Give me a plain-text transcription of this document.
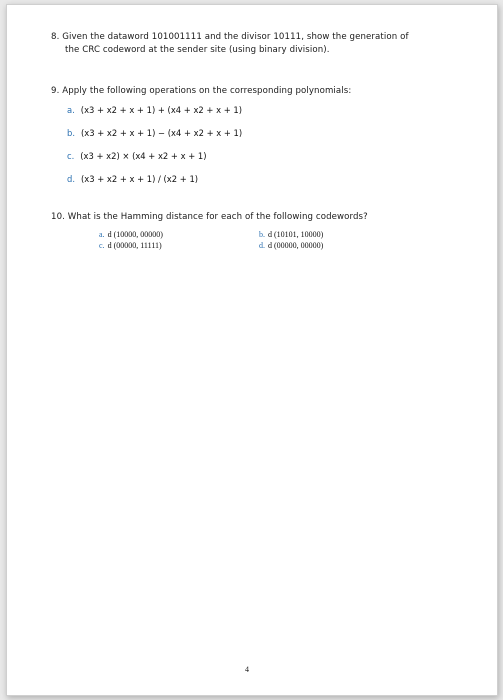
8. Given the dataword 101001111 and the divisor 10111, show the generation of

the CRC codeword at the sender site (using binary division).

9. Apply the following operations on the corresponding polynomials:

a. (x3 + x2 + x + 1) + (x4 + x2 + x + 1)
b. (x3 + x2 + x + 1) − (x4 + x2 + x + 1)
c. (x3 + x2) × (x4 + x2 + x + 1)
d. (x3 + x2 + x + 1) / (x2 + 1)

10. What is the Hamming distance for each of the following codewords?

a. d (10000, 00000)	b. d (10101, 10000)
c. d (00000, 11111)	d. d (00000, 00000)
4
